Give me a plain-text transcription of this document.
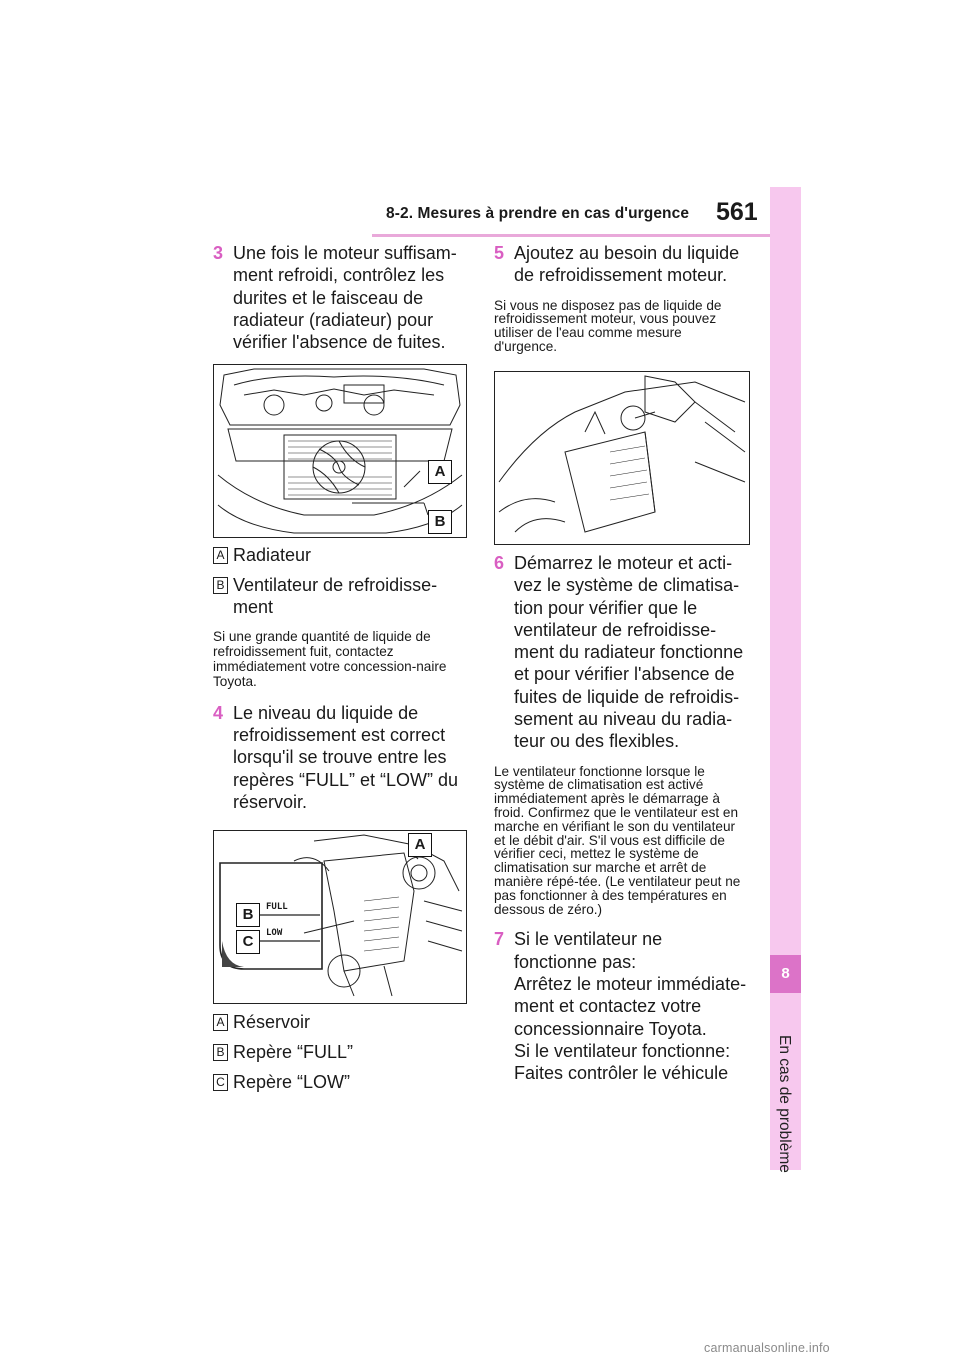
8-2. Mesures à prendre en cas d'urgence 561
8
En cas de problème
3 Une fois le moteur suffisam-ment refroidi, contrôlez les durites et le faisceau de radiateur (radiateur) pour vérifier l'absence de fuites.
A
B
A Radiateur
B Ventilateur de refroidisse-ment
Si une grande quantité de liquide de refroidissement fuit, contactez immédiatement votre concession-naire Toyota.
4 Le niveau du liquide de refroidissement est correct lorsqu'il se trouve entre les repères “FULL” et “LOW” du réservoir.
FULL
LOW
A
B
C
A Réservoir
B Repère “FULL”
C Repère “LOW”
5 Ajoutez au besoin du liquide de refroidissement moteur.
Si vous ne disposez pas de liquide de refroidissement moteur, vous pouvez utiliser de l'eau comme mesure d'urgence.
6 Démarrez le moteur et acti-vez le système de climatisa-tion pour vérifier que le ventilateur de refroidisse-ment du radiateur fonctionne et pour vérifier l'absence de fuites de liquide de refroidis-sement au niveau du radia-teur ou des flexibles.
Le ventilateur fonctionne lorsque le système de climatisation est activé immédiatement après le démarrage à froid. Confirmez que le ventilateur est en marche en vérifiant le son du ventilateur et le débit d'air. S'il vous est difficile de vérifier ceci, mettez le système de climatisation sur marche et arrêt de manière répé-tée. (Le ventilateur peut ne pas fonctionner à des températures en dessous de zéro.)
7 Si le ventilateur ne fonctionne pas:
Arrêtez le moteur immédiate-ment et contactez votre concessionnaire Toyota.
Si le ventilateur fonctionne:
Faites contrôler le véhicule
carmanualsonline.info
